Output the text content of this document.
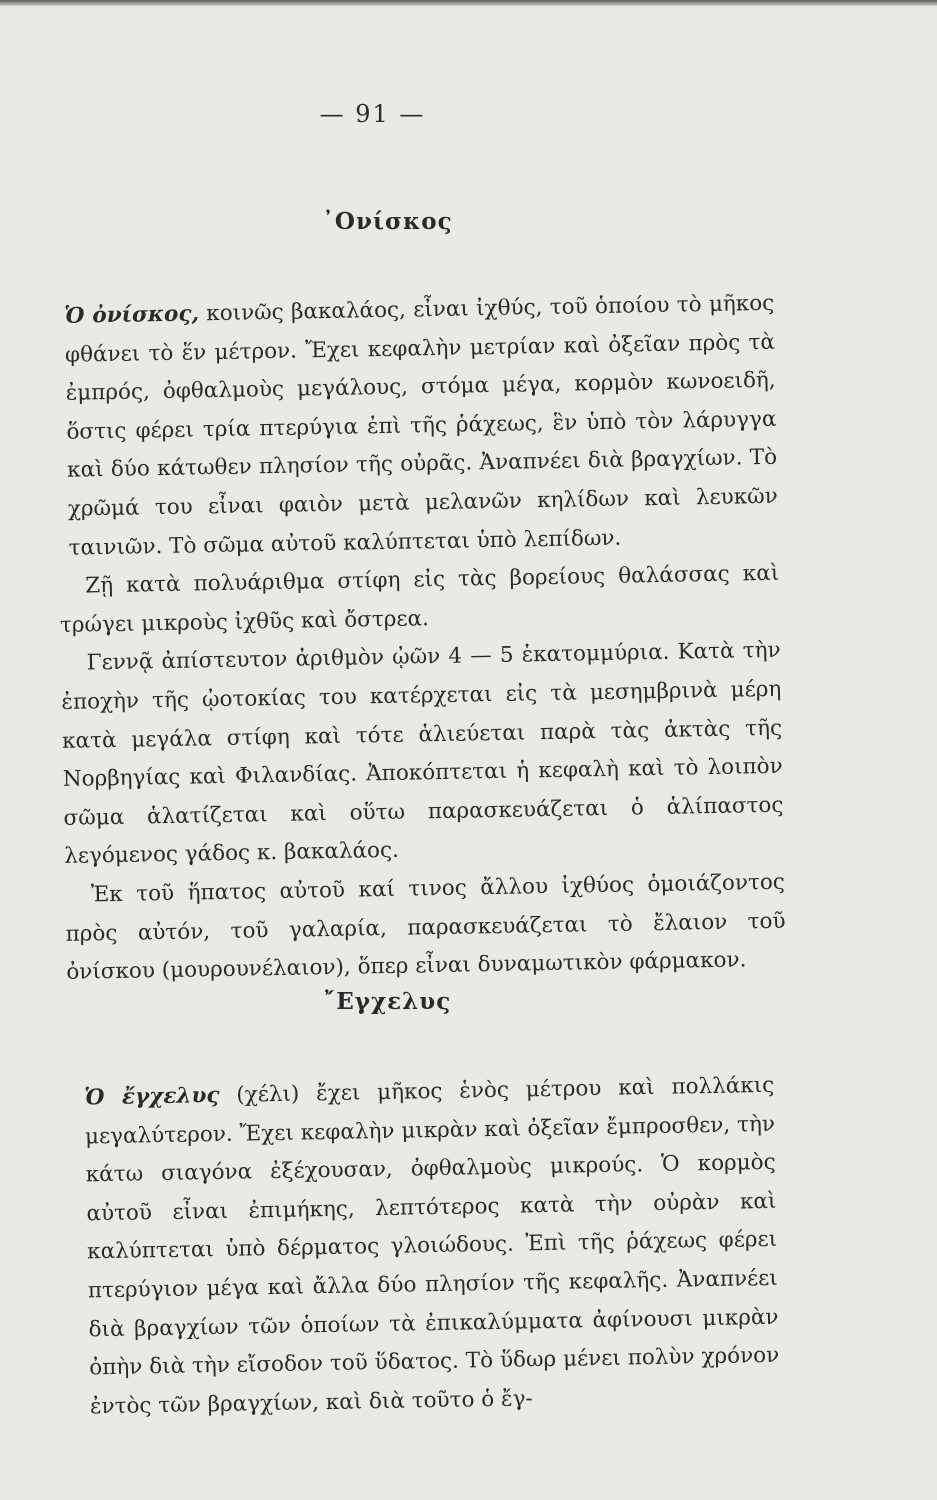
— 91 —
᾿Ονίσκος

Ὁ ὀνίσκος, κοινῶς βακαλάος, εἶναι ἰχθύς, τοῦ ὁποίου τὸ μῆκος φθάνει τὸ ἕν μέτρον. Ἔχει κεφαλὴν μετρίαν καὶ ὀξεῖαν πρὸς τὰ ἐμπρός, ὀφθαλμοὺς μεγάλους, στόμα μέγα, κορμὸν κωνοειδῆ, ὅστις φέρει τρία πτερύγια ἐπὶ τῆς ῥάχεως, ἓν ὑπὸ τὸν λάρυγγα καὶ δύο κάτωθεν πλησίον τῆς οὐρᾶς. Ἀναπνέει διὰ βραγχίων. Τὸ χρῶμά του εἶναι φαιὸν μετὰ μελανῶν κηλίδων καὶ λευκῶν ταινιῶν. Τὸ σῶμα αὐτοῦ καλύπτεται ὑπὸ λεπίδων.

Ζῇ κατὰ πολυάριθμα στίφη εἰς τὰς βορείους θαλάσσας καὶ τρώγει μικροὺς ἰχθῦς καὶ ὄστρεα.

Γεννᾷ ἀπίστευτον ἀριθμὸν ᾠῶν 4 — 5 ἑκατομμύρια. Κατὰ τὴν ἐποχὴν τῆς ᾠοτοκίας του κατέρχεται εἰς τὰ μεσημβρινὰ μέρη κατὰ μεγάλα στίφη καὶ τότε ἁλιεύεται παρὰ τὰς ἀκτὰς τῆς Νορβηγίας καὶ Φιλανδίας. Ἀποκόπτεται ἡ κεφαλὴ καὶ τὸ λοιπὸν σῶμα ἁλατίζεται καὶ οὕτω παρασκευάζεται ὁ ἁλίπαστος λεγόμενος γάδος κ. βακαλάος.

Ἐκ τοῦ ἥπατος αὐτοῦ καί τινος ἄλλου ἰχθύος ὁμοιάζοντος πρὸς αὐτόν, τοῦ γαλαρία, παρασκευάζεται τὸ ἔλαιον τοῦ ὀνίσκου (μουρουνέλαιον), ὅπερ εἶναι δυναμωτικὸν φάρμακον.

῎Εγχελυς

Ὁ ἔγχελυς (χέλι) ἔχει μῆκος ἑνὸς μέτρου καὶ πολλάκις μεγαλύτερον. Ἔχει κεφαλὴν μικρὰν καὶ ὀξεῖαν ἔμπροσθεν, τὴν κάτω σιαγόνα ἐξέχουσαν, ὀφθαλμοὺς μικρούς. Ὁ κορμὸς αὐτοῦ εἶναι ἐπιμήκης, λεπτότερος κατὰ τὴν οὐρὰν καὶ καλύπτεται ὑπὸ δέρματος γλοιώδους. Ἐπὶ τῆς ῥάχεως φέρει πτερύγιον μέγα καὶ ἄλλα δύο πλησίον τῆς κεφαλῆς. Ἀναπνέει διὰ βραγχίων τῶν ὁποίων τὰ ἐπικαλύμματα ἀφίνουσι μικρὰν ὀπὴν διὰ τὴν εἴσοδον τοῦ ὕδατος. Τὸ ὕδωρ μένει πολὺν χρόνον ἐντὸς τῶν βραγχίων, καὶ διὰ τοῦτο ὁ ἔγ-
